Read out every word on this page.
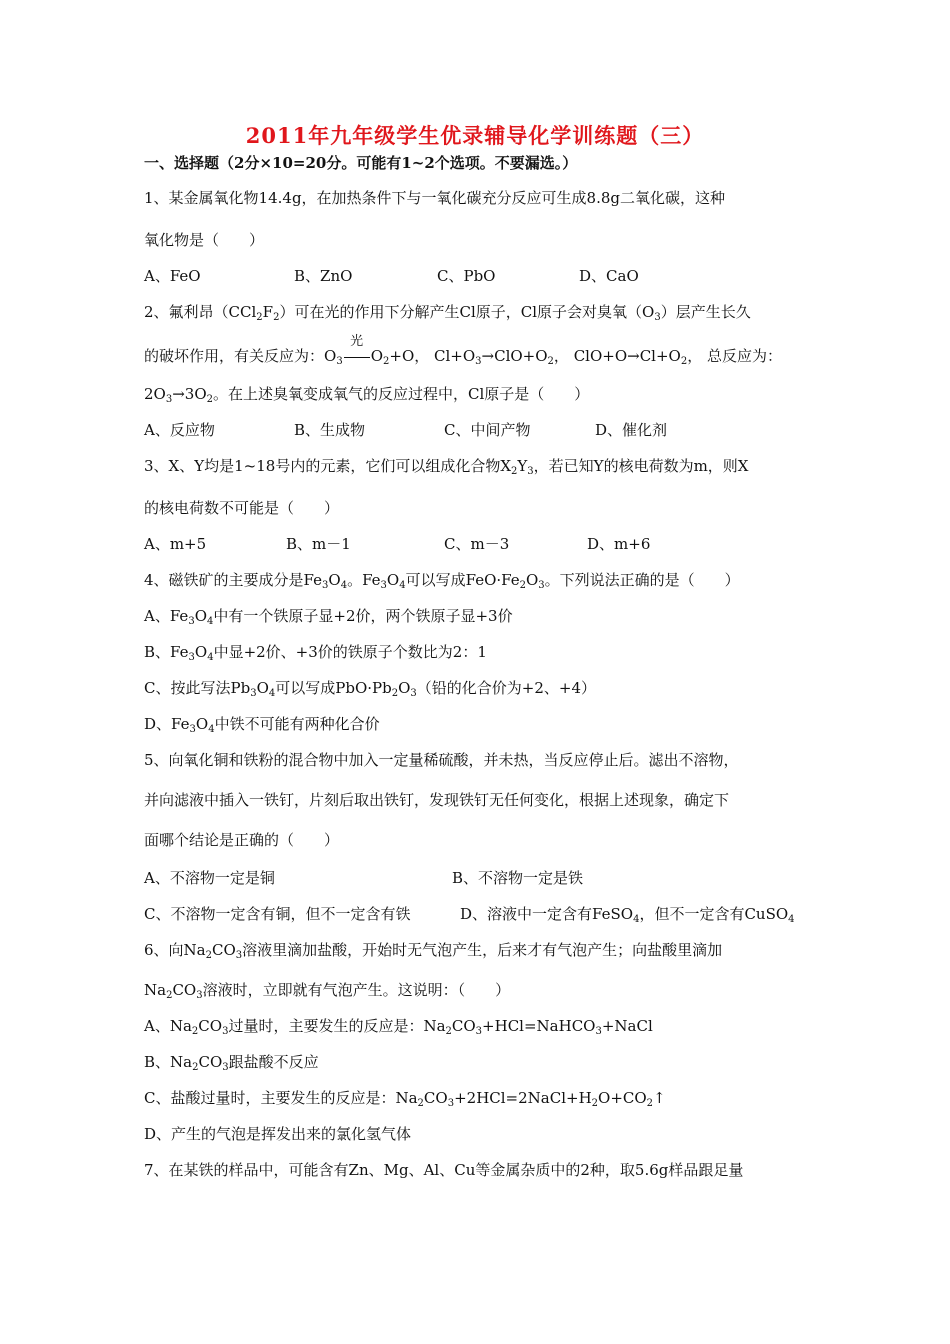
2011年九年级学生优录辅导化学训练题（三）
一、选择题（2分×10=20分。可能有1~2个选项。不要漏选。）
1、某金属氧化物14.4g，在加热条件下与一氧化碳充分反应可生成8.8g二氧化碳，这种
氧化物是（　　）
A、FeO	B、ZnO	C、PbO	D、CaO
2、氟利昂$(CCl_2F_2)$可在光的作用下分解产生Cl原子，Cl原子会对臭氧$(O_3)$层产生长久
的破坏作用，有关反应为：$O_3$
光
$O_2+O$， $Cl+O_3\to ClO+O_2$， $ClO+O\to Cl+O_2$， 总反应为：
$2O_3\to 3O_2$。在上述臭氧变成氧气的反应过程中，Cl原子是（　　）
A、反应物	B、生成物	C、中间产物	D、催化剂
3、X、Y均是1~18号内的元素，它们可以组成化合物$X_2Y_3$，若已知Y的核电荷数为m，则X
的核电荷数不可能是（　　）
A、m+5	B、m－1	C、m－3	D、m+6
4、磁铁矿的主要成分是$Fe_3O_4$。$Fe_3O_4$可以写成$FeO\cdot Fe_2O_3$。下列说法正确的是（　　）
A、$Fe_3O_4$中有一个铁原子显+2价，两个铁原子显+3价
B、$Fe_3O_4$中显+2价、+3价的铁原子个数比为2：1
C、按此写法$Pb_3O_4$可以写成$PbO\cdot Pb_2O_3$（铅的化合价为+2、+4）
D、$Fe_3O_4$中铁不可能有两种化合价
5、向氧化铜和铁粉的混合物中加入一定量稀硫酸，并未热，当反应停止后。滤出不溶物，
并向滤液中插入一铁钉，片刻后取出铁钉，发现铁钉无任何变化，根据上述现象，确定下
面哪个结论是正确的（　　）
A、不溶物一定是铜	B、不溶物一定是铁
C、不溶物一定含有铜，但不一定含有铁	D、溶液中一定含有FeSO$_4$，但不一定含有CuSO$_4$
6、向$Na_2CO_3$溶液里滴加盐酸，开始时无气泡产生，后来才有气泡产生；向盐酸里滴加
$Na_2CO_3$溶液时，立即就有气泡产生。这说明：（　　）
A、$Na_2CO_3$过量时，主要发生的反应是：$Na_2CO_3+HCl=NaHCO_3+NaCl$
B、$Na_2CO_3$跟盐酸不反应
C、盐酸过量时，主要发生的反应是：$Na_2CO_3+2HCl=2NaCl+H_2O+CO_2↑$
D、产生的气泡是挥发出来的氯化氢气体
7、在某铁的样品中，可能含有Zn、Mg、Al、Cu等金属杂质中的2种，取5.6g样品跟足量
